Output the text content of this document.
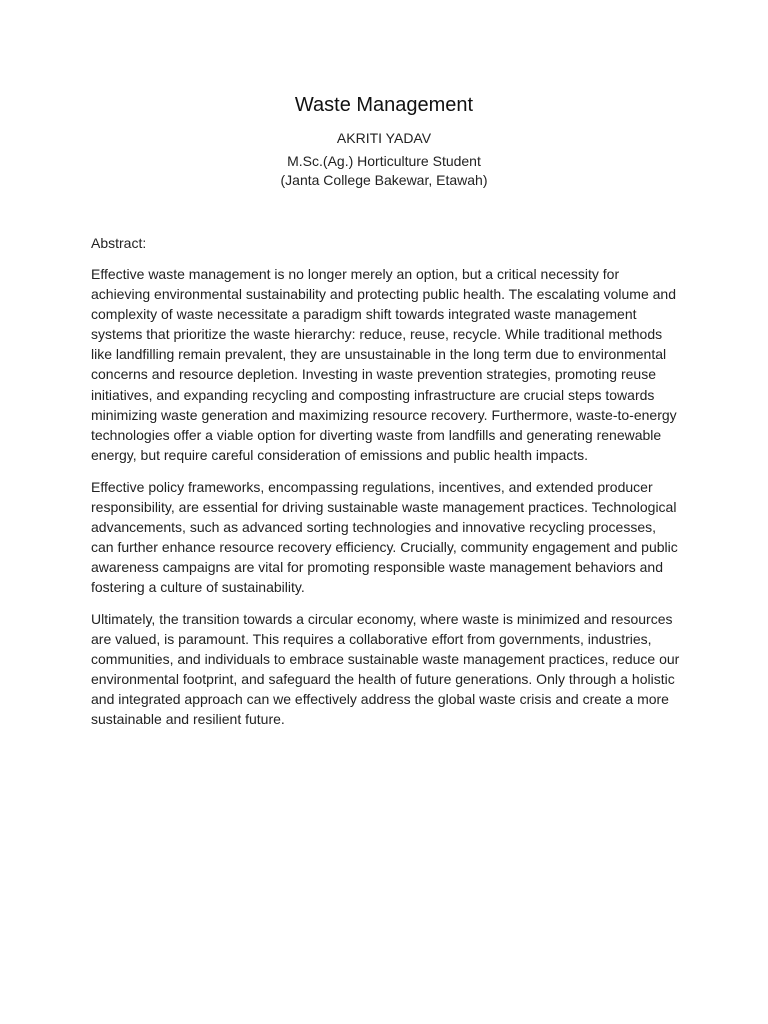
Waste Management
AKRITI YADAV
M.Sc.(Ag.) Horticulture Student
(Janta College Bakewar, Etawah)
Abstract:

Effective waste management is no longer merely an option, but a critical necessity for achieving environmental sustainability and protecting public health. The escalating volume and complexity of waste necessitate a paradigm shift towards integrated waste management systems that prioritize the waste hierarchy: reduce, reuse, recycle. While traditional methods like landfilling remain prevalent, they are unsustainable in the long term due to environmental concerns and resource depletion. Investing in waste prevention strategies, promoting reuse initiatives, and expanding recycling and composting infrastructure are crucial steps towards minimizing waste generation and maximizing resource recovery. Furthermore, waste-to-energy technologies offer a viable option for diverting waste from landfills and generating renewable energy, but require careful consideration of emissions and public health impacts.

Effective policy frameworks, encompassing regulations, incentives, and extended producer responsibility, are essential for driving sustainable waste management practices. Technological advancements, such as advanced sorting technologies and innovative recycling processes, can further enhance resource recovery efficiency. Crucially, community engagement and public awareness campaigns are vital for promoting responsible waste management behaviors and fostering a culture of sustainability.

Ultimately, the transition towards a circular economy, where waste is minimized and resources are valued, is paramount. This requires a collaborative effort from governments, industries, communities, and individuals to embrace sustainable waste management practices, reduce our environmental footprint, and safeguard the health of future generations. Only through a holistic and integrated approach can we effectively address the global waste crisis and create a more sustainable and resilient future.
